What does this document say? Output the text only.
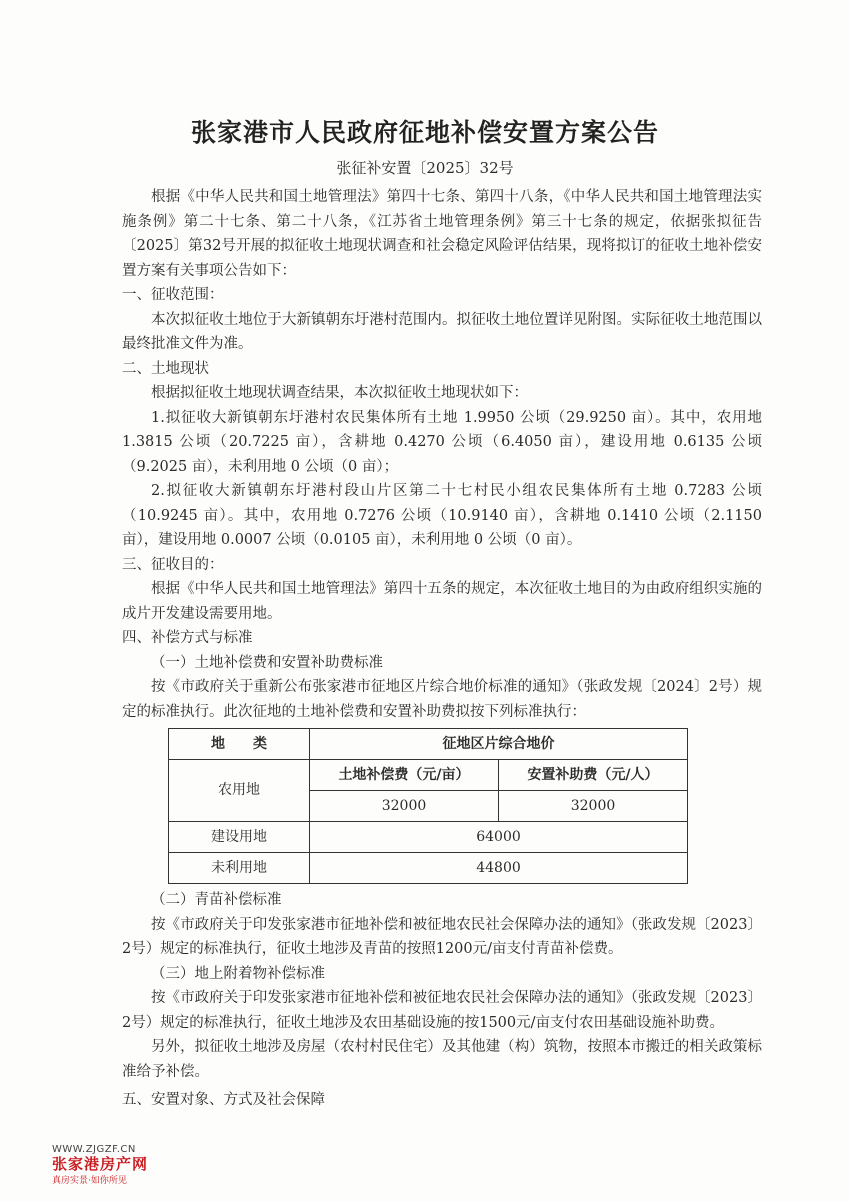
张家港市人民政府征地补偿安置方案公告
张征补安置〔2025〕32号

根据《中华人民共和国土地管理法》第四十七条、第四十八条，《中华人民共和国土地管理法实施条例》第二十七条、第二十八条，《江苏省土地管理条例》第三十七条的规定，依据张拟征告〔2025〕第32号开展的拟征收土地现状调查和社会稳定风险评估结果，现将拟订的征收土地补偿安置方案有关事项公告如下：

一、征收范围：

本次拟征收土地位于大新镇朝东圩港村范围内。拟征收土地位置详见附图。实际征收土地范围以最终批准文件为准。

二、土地现状

根据拟征收土地现状调查结果，本次拟征收土地现状如下：

1.拟征收大新镇朝东圩港村农民集体所有土地 1.9950 公顷（29.9250 亩）。其中，农用地 1.3815 公顷（20.7225 亩），含耕地 0.4270 公顷（6.4050 亩），建设用地 0.6135 公顷（9.2025 亩），未利用地 0 公顷（0 亩）；

2.拟征收大新镇朝东圩港村段山片区第二十七村民小组农民集体所有土地 0.7283 公顷（10.9245 亩）。其中，农用地 0.7276 公顷（10.9140 亩），含耕地 0.1410 公顷（2.1150 亩），建设用地 0.0007 公顷（0.0105 亩），未利用地 0 公顷（0 亩）。

三、征收目的：

根据《中华人民共和国土地管理法》第四十五条的规定，本次征收土地目的为由政府组织实施的成片开发建设需要用地。

四、补偿方式与标准

（一）土地补偿费和安置补助费标准

按《市政府关于重新公布张家港市征地区片综合地价标准的通知》（张政发规〔2024〕2号）规定的标准执行。此次征地的土地补偿费和安置补助费拟按下列标准执行：

地　　类	征地区片综合地价	
农用地	土地补偿费（元/亩）	安置补助费（元/人）
	32000	32000
建设用地	64000	
未利用地	44800	

（二）青苗补偿标准

按《市政府关于印发张家港市征地补偿和被征地农民社会保障办法的通知》（张政发规〔2023〕2号）规定的标准执行，征收土地涉及青苗的按照1200元/亩支付青苗补偿费。

（三）地上附着物补偿标准

按《市政府关于印发张家港市征地补偿和被征地农民社会保障办法的通知》（张政发规〔2023〕2号）规定的标准执行，征收土地涉及农田基础设施的按1500元/亩支付农田基础设施补助费。

另外，拟征收土地涉及房屋（农村村民住宅）及其他建（构）筑物，按照本市搬迁的相关政策标准给予补偿。

五、安置对象、方式及社会保障

WWW.ZJGZF.CN
张家港房产网
真房实景·如你所见
